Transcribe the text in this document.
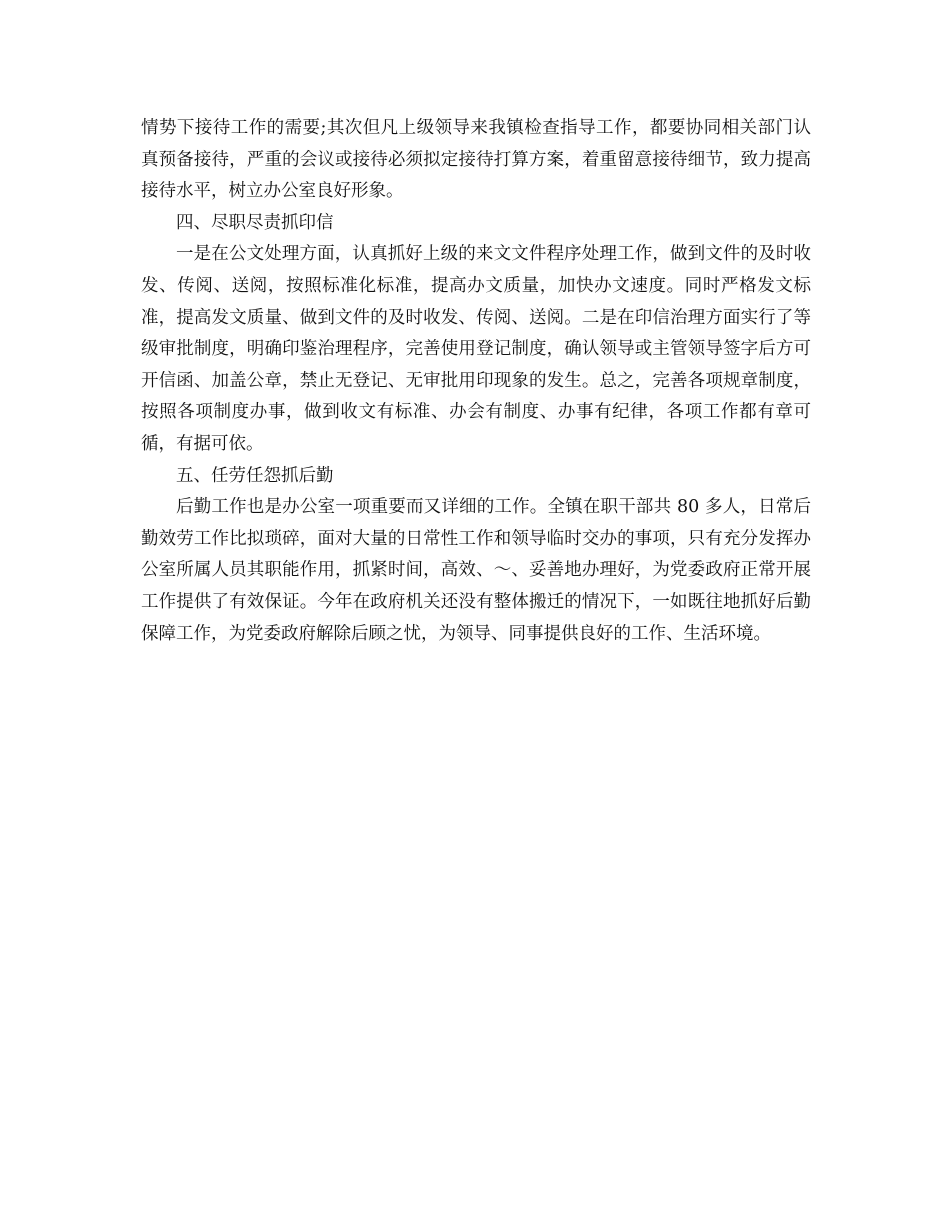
情势下接待工作的需要;其次但凡上级领导来我镇检查指导工作，都要协同相关部门认真预备接待，严重的会议或接待必须拟定接待打算方案，着重留意接待细节，致力提高接待水平，树立办公室良好形象。

四、尽职尽责抓印信

一是在公文处理方面，认真抓好上级的来文文件程序处理工作，做到文件的及时收发、传阅、送阅，按照标准化标准，提高办文质量，加快办文速度。同时严格发文标准，提高发文质量、做到文件的及时收发、传阅、送阅。二是在印信治理方面实行了等级审批制度，明确印鉴治理程序，完善使用登记制度，确认领导或主管领导签字后方可开信函、加盖公章，禁止无登记、无审批用印现象的发生。总之，完善各项规章制度，按照各项制度办事，做到收文有标准、办会有制度、办事有纪律，各项工作都有章可循，有据可依。

五、任劳任怨抓后勤

后勤工作也是办公室一项重要而又详细的工作。全镇在职干部共 80 多人，日常后勤效劳工作比拟琐碎，面对大量的日常性工作和领导临时交办的事项，只有充分发挥办公室所属人员其职能作用，抓紧时间，高效、～、妥善地办理好，为党委政府正常开展工作提供了有效保证。今年在政府机关还没有整体搬迁的情况下，一如既往地抓好后勤保障工作，为党委政府解除后顾之忧，为领导、同事提供良好的工作、生活环境。
